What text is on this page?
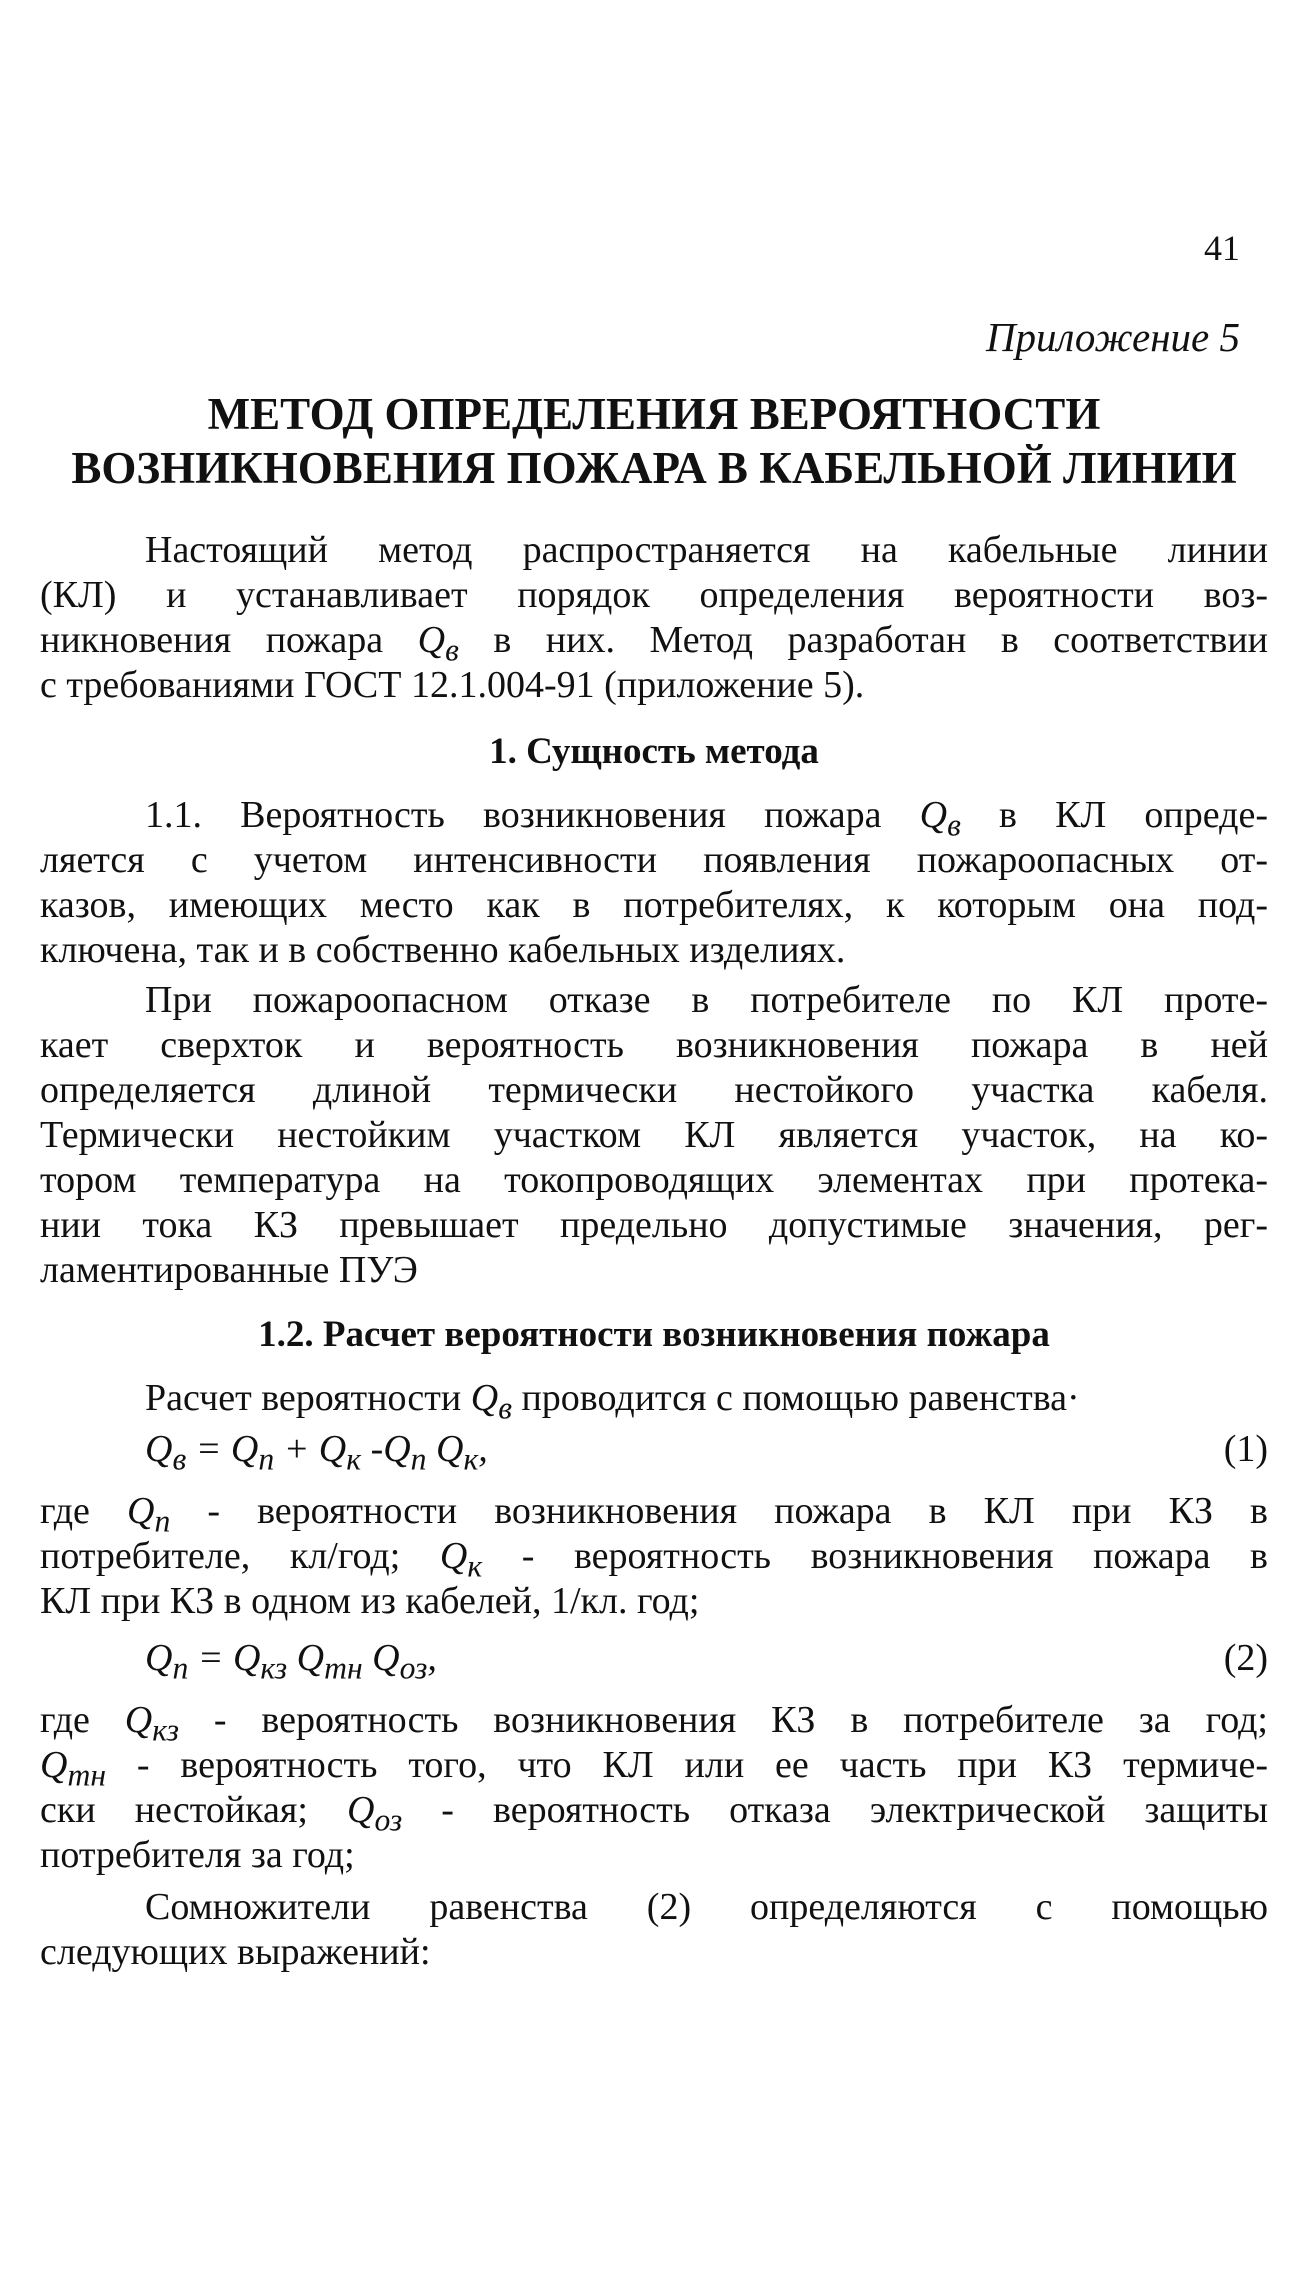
41
Приложение 5
МЕТОД ОПРЕДЕЛЕНИЯ ВЕРОЯТНОСТИ
ВОЗНИКНОВЕНИЯ ПОЖАРА В КАБЕЛЬНОЙ ЛИНИИ
Настоящий метод распространяется на кабельные линии
(КЛ) и устанавливает порядок определения вероятности воз-
никновения пожара $Q_в$ в них. Метод разработан в соответствии
с требованиями ГОСТ 12.1.004-91 (приложение 5).
1. Сущность метода
1.1. Вероятность возникновения пожара $Q_в$ в КЛ опреде-
ляется с учетом интенсивности появления пожароопасных от-
казов, имеющих место как в потребителях, к которым она под-
ключена, так и в собственно кабельных изделиях.
При пожароопасном отказе в потребителе по КЛ проте-
кает сверхток и вероятность возникновения пожара в ней
определяется длиной термически нестойкого участка кабеля.
Термически нестойким участком КЛ является участок, на ко-
тором температура на токопроводящих элементах при протека-
нии тока КЗ превышает предельно допустимые значения, рег-
ламентированные ПУЭ
1.2. Расчет вероятности возникновения пожара
Расчет вероятности $Q_в$ проводится с помощью равенства·
$Q_в = Q_п + Q_к$ $-Q_п$ $Q_к$,	(1)
где $Q_п$ - вероятности возникновения пожара в КЛ при КЗ в
потребителе, кл/год; $Q_к$ - вероятность возникновения пожара в
КЛ при КЗ в одном из кабелей, 1/кл. год;
$Q_п = Q_{кз}$ $Q_{тн}$ $Q_{оз}$,	(2)
где $Q_{кз}$ - вероятность возникновения КЗ в потребителе за год;
$Q_{тн}$ - вероятность того, что КЛ или ее часть при КЗ термиче-
ски нестойкая; $Q_{оз}$ - вероятность отказа электрической защиты
потребителя за год;
Сомножители равенства (2) определяются с помощью
следующих выражений:
